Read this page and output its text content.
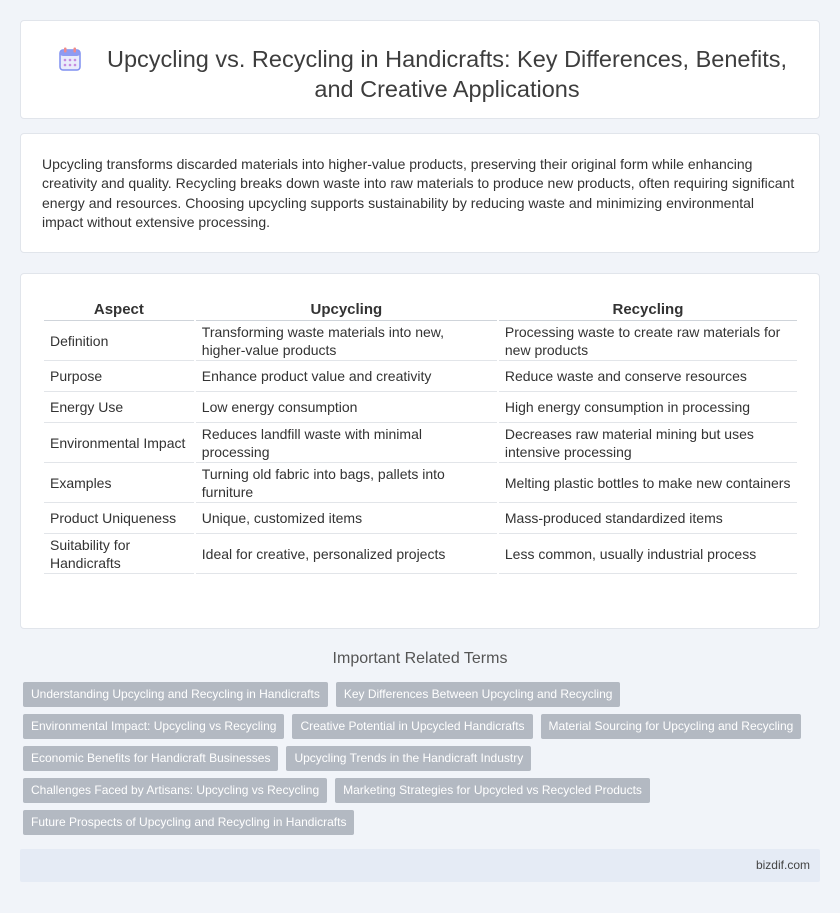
Upcycling vs. Recycling in Handicrafts: Key Differences, Benefits, and Creative Applications

Upcycling transforms discarded materials into higher-value products, preserving their original form while enhancing creativity and quality. Recycling breaks down waste into raw materials to produce new products, often requiring significant energy and resources. Choosing upcycling supports sustainability by reducing waste and minimizing environmental impact without extensive processing.

Aspect	Upcycling	Recycling
Definition	Transforming waste materials into new, higher-value products	Processing waste to create raw materials for new products
Purpose	Enhance product value and creativity	Reduce waste and conserve resources
Energy Use	Low energy consumption	High energy consumption in processing
Environmental Impact	Reduces landfill waste with minimal processing	Decreases raw material mining but uses intensive processing
Examples	Turning old fabric into bags, pallets into furniture	Melting plastic bottles to make new containers
Product Uniqueness	Unique, customized items	Mass-produced standardized items
Suitability for Handicrafts	Ideal for creative, personalized projects	Less common, usually industrial process
Important Related Terms
Understanding Upcycling and Recycling in Handicrafts	Key Differences Between Upcycling and Recycling
Environmental Impact: Upcycling vs Recycling	Creative Potential in Upcycled Handicrafts	Material Sourcing for Upcycling and Recycling
Economic Benefits for Handicraft Businesses	Upcycling Trends in the Handicraft Industry
Challenges Faced by Artisans: Upcycling vs Recycling	Marketing Strategies for Upcycled vs Recycled Products
Future Prospects of Upcycling and Recycling in Handicrafts
bizdif.com
